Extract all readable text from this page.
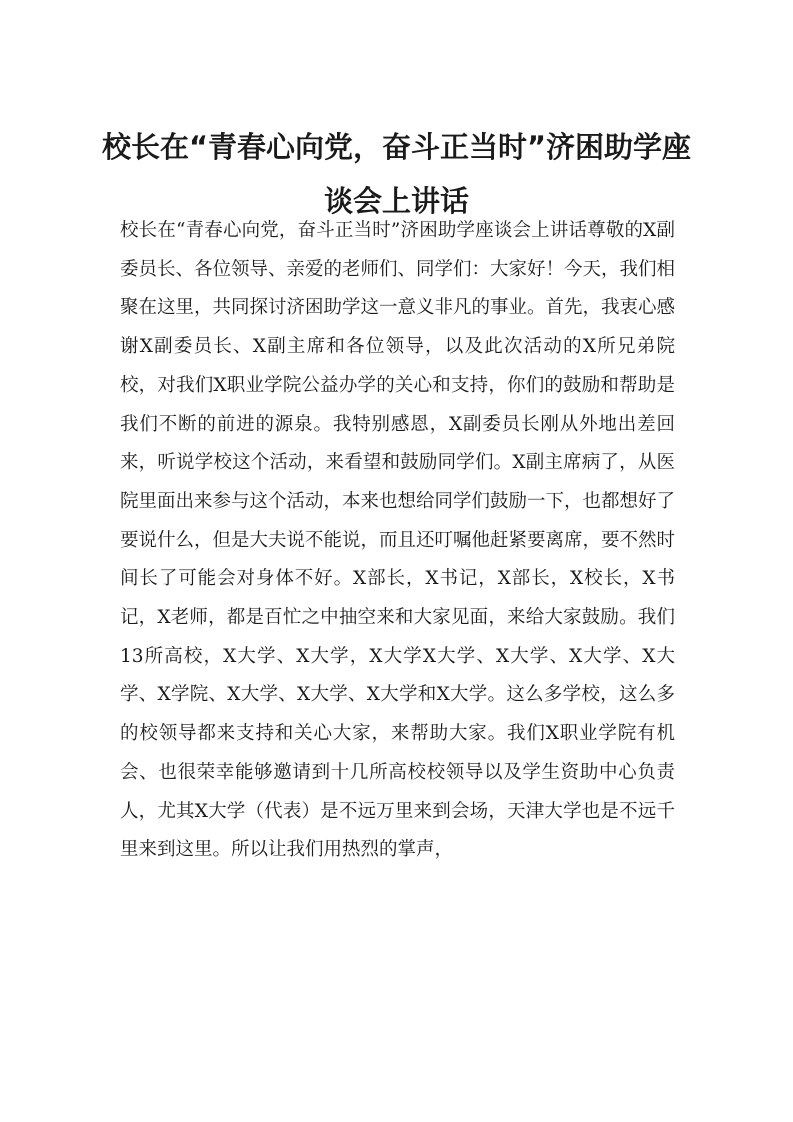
校长在“青春心向党，奋斗正当时”济困助学座谈会上讲话

校长在“青春心向党，奋斗正当时”济困助学座谈会上讲话尊敬的X副委员长、各位领导、亲爱的老师们、同学们：大家好！今天，我们相聚在这里，共同探讨济困助学这一意义非凡的事业。首先，我衷心感谢X副委员长、X副主席和各位领导，以及此次活动的X所兄弟院校，对我们X职业学院公益办学的关心和支持，你们的鼓励和帮助是我们不断的前进的源泉。我特别感恩，X副委员长刚从外地出差回来，听说学校这个活动，来看望和鼓励同学们。X副主席病了，从医院里面出来参与这个活动，本来也想给同学们鼓励一下，也都想好了要说什么，但是大夫说不能说，而且还叮嘱他赶紧要离席，要不然时间长了可能会对身体不好。X部长，X书记，X部长，X校长，X书记，X老师，都是百忙之中抽空来和大家见面，来给大家鼓励。我们13所高校，X大学、X大学，X大学X大学、X大学、X大学、X大学、X学院、X大学、X大学、X大学和X大学。这么多学校，这么多的校领导都来支持和关心大家，来帮助大家。我们X职业学院有机会、也很荣幸能够邀请到十几所高校校领导以及学生资助中心负责人，尤其X大学（代表）是不远万里来到会场，天津大学也是不远千里来到这里。所以让我们用热烈的掌声，
